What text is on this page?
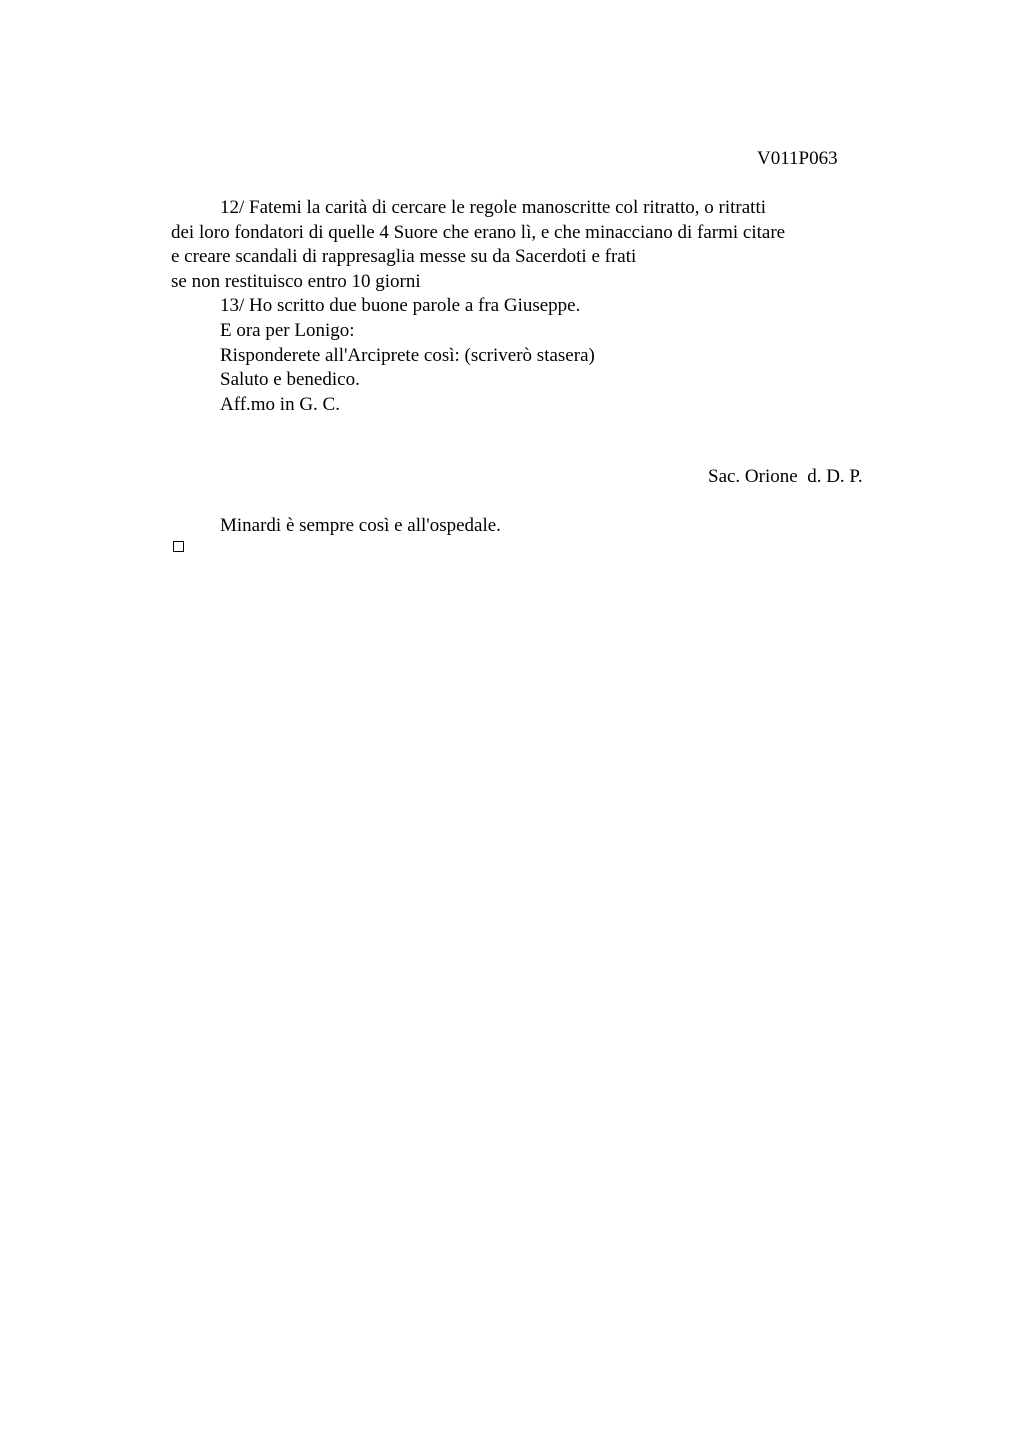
V011P063
12/ Fatemi la carità di cercare le regole manoscritte col ritratto, o ritratti
dei loro fondatori di quelle 4 Suore che erano lì, e che minacciano di farmi citare
e creare scandali di rappresaglia messe su da Sacerdoti e frati
se non restituisco entro 10 giorni
13/ Ho scritto due buone parole a fra Giuseppe.
E ora per Lonigo:
Risponderete all'Arciprete così: (scriverò stasera)
Saluto e benedico.
Aff.mo in G. C.
Sac. Orione  d. D. P.
Minardi è sempre così e all'ospedale.
